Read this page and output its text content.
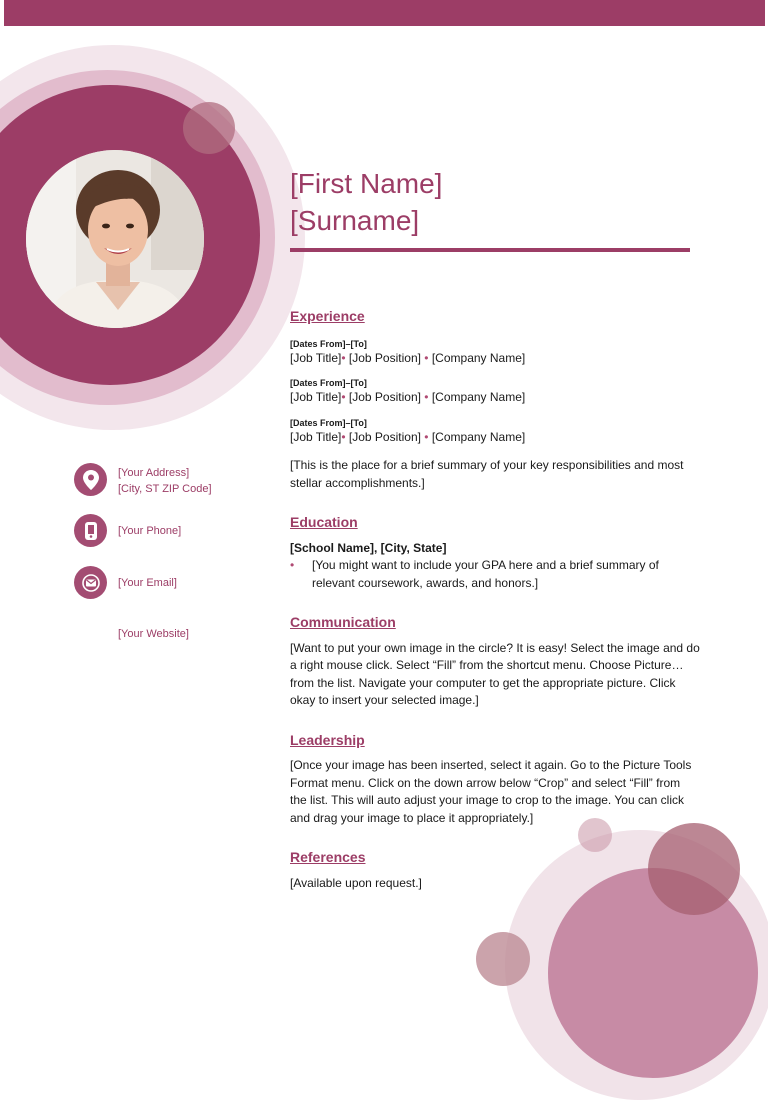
[First Name]
[Surname]
[Your Address]
[City, ST ZIP Code]
[Your Phone]
[Your Email]
[Your Website]

Experience

[Dates From]–[To]
[Job Title]• [Job Position] • [Company Name]
[Dates From]–[To]
[Job Title]• [Job Position] • [Company Name]
[Dates From]–[To]
[Job Title]• [Job Position] • [Company Name]
[This is the place for a brief summary of your key responsibilities and most stellar accomplishments.]

Education

[School Name], [City, State]
•	[You might want to include your GPA here and a brief summary of relevant coursework, awards, and honors.]

Communication

[Want to put your own image in the circle? It is easy! Select the image and do a right mouse click. Select “Fill” from the shortcut menu. Choose Picture… from the list. Navigate your computer to get the appropriate picture. Click okay to insert your selected image.]

Leadership

[Once your image has been inserted, select it again. Go to the Picture Tools Format menu. Click on the down arrow below “Crop” and select “Fill” from the list. This will auto adjust your image to crop to the image. You can click and drag your image to place it appropriately.]

References

[Available upon request.]
